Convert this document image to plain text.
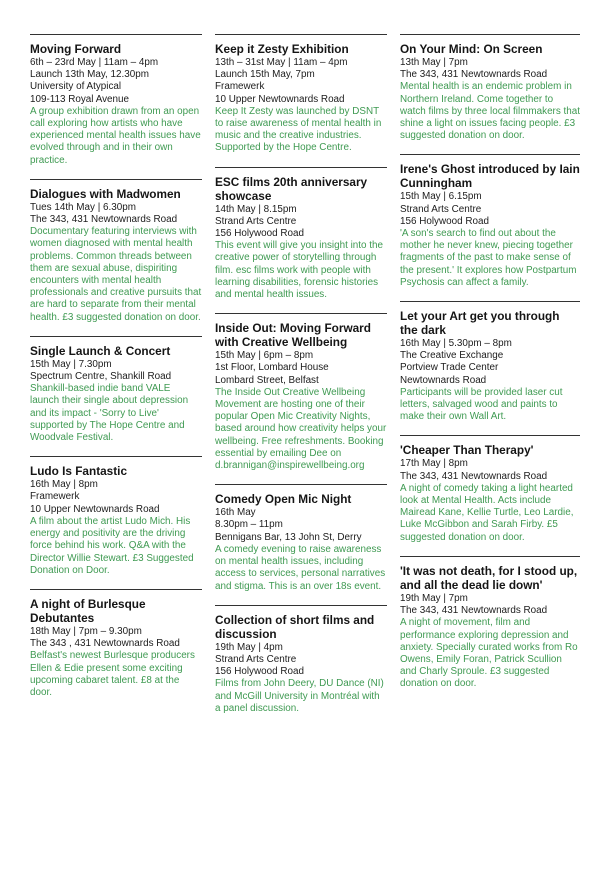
Moving Forward
6th – 23rd May | 11am – 4pm
Launch 13th May, 12.30pm
University of Atypical
109-113 Royal Avenue
A group exhibition drawn from an open call exploring how artists who have experienced mental health issues have evolved through and in their own practice.
Dialogues with Madwomen
Tues 14th May | 6.30pm
The 343, 431 Newtownards Road
Documentary featuring interviews with women diagnosed with mental health problems. Common threads between them are sexual abuse, dispiriting encounters with mental health professionals and creative pursuits that are hard to separate from their mental health. £3 suggested donation on door.
Single Launch & Concert
15th May | 7.30pm
Spectrum Centre, Shankill Road
Shankill-based indie band VALE launch their single about depression and its impact - 'Sorry to Live' supported by The Hope Centre and Woodvale Festival.
Ludo Is Fantastic
16th May | 8pm
Framewerk
10 Upper Newtownards Road
A film about the artist Ludo Mich. His energy and positivity are the driving force behind his work. Q&A with the Director Willie Stewart. £3 Suggested Donation on Door.
A night of Burlesque Debutantes
18th May | 7pm – 9.30pm
The 343 , 431 Newtownards Road
Belfast's newest Burlesque producers Ellen & Edie present some exciting upcoming cabaret talent. £8 at the door.
Keep it Zesty Exhibition
13th – 31st May | 11am – 4pm
Launch 15th May, 7pm
Framewerk
10 Upper Newtownards Road
Keep It Zesty was launched by DSNT to raise awareness of mental health in music and the creative industries. Supported by the Hope Centre.
ESC films 20th anniversary showcase
14th May | 8.15pm
Strand Arts Centre
156 Holywood Road
This event will give you insight into the creative power of storytelling through film. esc films work with people with learning disabilities, forensic histories and mental health issues.
Inside Out: Moving Forward with Creative Wellbeing
15th May | 6pm – 8pm
1st Floor, Lombard House
Lombard Street, Belfast
The Inside Out Creative Wellbeing Movement are hosting one of their popular Open Mic Creativity Nights, based around how creativity helps your wellbeing. Free refreshments. Booking essential by emailing Dee on d.brannigan@inspirewellbeing.org
Comedy Open Mic Night
16th May
8.30pm – 11pm
Bennigans Bar, 13 John St, Derry
A comedy evening to raise awareness on mental health issues, including access to services, personal narratives and stigma. This is an over 18s event.
Collection of short films and discussion
19th May | 4pm
Strand Arts Centre
156 Holywood Road
Films from John Deery, DU Dance (NI) and McGill University in Montréal with a panel discussion.
On Your Mind: On Screen
13th May | 7pm
The 343, 431 Newtownards Road
Mental health is an endemic problem in Northern Ireland. Come together to watch films by three local filmmakers that shine a light on issues facing people. £3 suggested donation on door.
Irene's Ghost introduced by Iain Cunningham
15th May | 6.15pm
Strand Arts Centre
156 Holywood Road
'A son's search to find out about the mother he never knew, piecing together fragments of the past to make sense of the present.' It explores how Postpartum Psychosis can affect a family.
Let your Art get you through the dark
16th May | 5.30pm – 8pm
The Creative Exchange
Portview Trade Center
Newtownards Road
Participants will be provided laser cut letters, salvaged wood and paints to make their own Wall Art.
'Cheaper Than Therapy'
17th May | 8pm
The 343, 431 Newtownards Road
A night of comedy taking a light hearted look at Mental Health. Acts include Mairead Kane, Kellie Turtle, Leo Lardie, Luke McGibbon and Sarah Firby. £5 suggested donation on door.
'It was not death, for I stood up, and all the dead lie down'
19th May | 7pm
The 343, 431 Newtownards Road
A night of movement, film and performance exploring depression and anxiety. Specially curated works from Ro Owens, Emily Foran, Patrick Scullion and Charly Sproule. £3 suggested donation on door.
